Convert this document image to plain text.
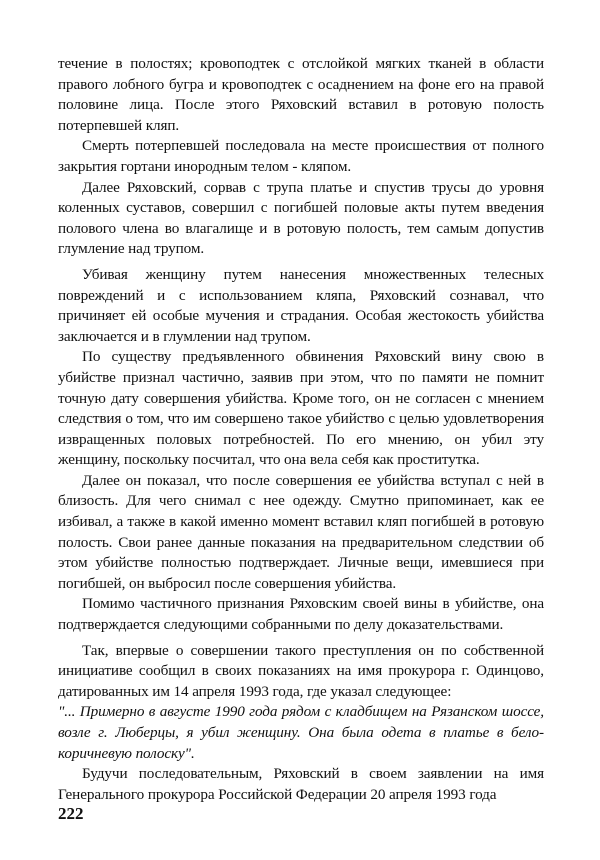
течение в полостях; кровоподтек с отслойкой мягких тканей в области правого лобного бугра и кровоподтек с осаднением на фоне его на правой половине лица. После этого Ряховский вставил в ротовую полость потерпевшей кляп.

Смерть потерпевшей последовала на месте происшествия от полного закрытия гортани инородным телом - кляпом.

Далее Ряховский, сорвав с трупа платье и спустив трусы до уровня коленных суставов, совершил с погибшей половые акты путем введения полового члена во влагалище и в ротовую полость, тем самым допустив глумление над трупом.

Убивая женщину путем нанесения множественных телесных повреждений и с использованием кляпа, Ряховский сознавал, что причиняет ей особые мучения и страдания. Особая жестокость убийства заключается и в глумлении над трупом.

По существу предъявленного обвинения Ряховский вину свою в убийстве признал частично, заявив при этом, что по памяти не помнит точную дату совершения убийства. Кроме того, он не согласен с мнением следствия о том, что им совершено такое убийство с целью удовлетворения извращенных половых потребностей. По его мнению, он убил эту женщину, поскольку посчитал, что она вела себя как проститутка.

Далее он показал, что после совершения ее убийства вступал с ней в близость. Для чего снимал с нее одежду. Смутно припоминает, как ее избивал, а также в какой именно момент вставил кляп погибшей в ротовую полость. Свои ранее данные показания на предварительном следствии об этом убийстве полностью подтверждает. Личные вещи, имевшиеся при погибшей, он выбросил после совершения убийства.

Помимо частичного признания Ряховским своей вины в убийстве, она подтверждается следующими собранными по делу доказательствами.

Так, впервые о совершении такого преступления он по собственной инициативе сообщил в своих показаниях на имя прокурора г. Одинцово, датированных им 14 апреля 1993 года, где указал следующее:

"... Примерно в августе 1990 года рядом с кладбищем на Рязанском шоссе, возле г. Люберцы, я убил женщину. Она была одета в платье в бело-коричневую полоску".

Будучи последовательным, Ряховский в своем заявлении на имя Генерального прокурора Российской Федерации 20 апреля 1993 года

222
